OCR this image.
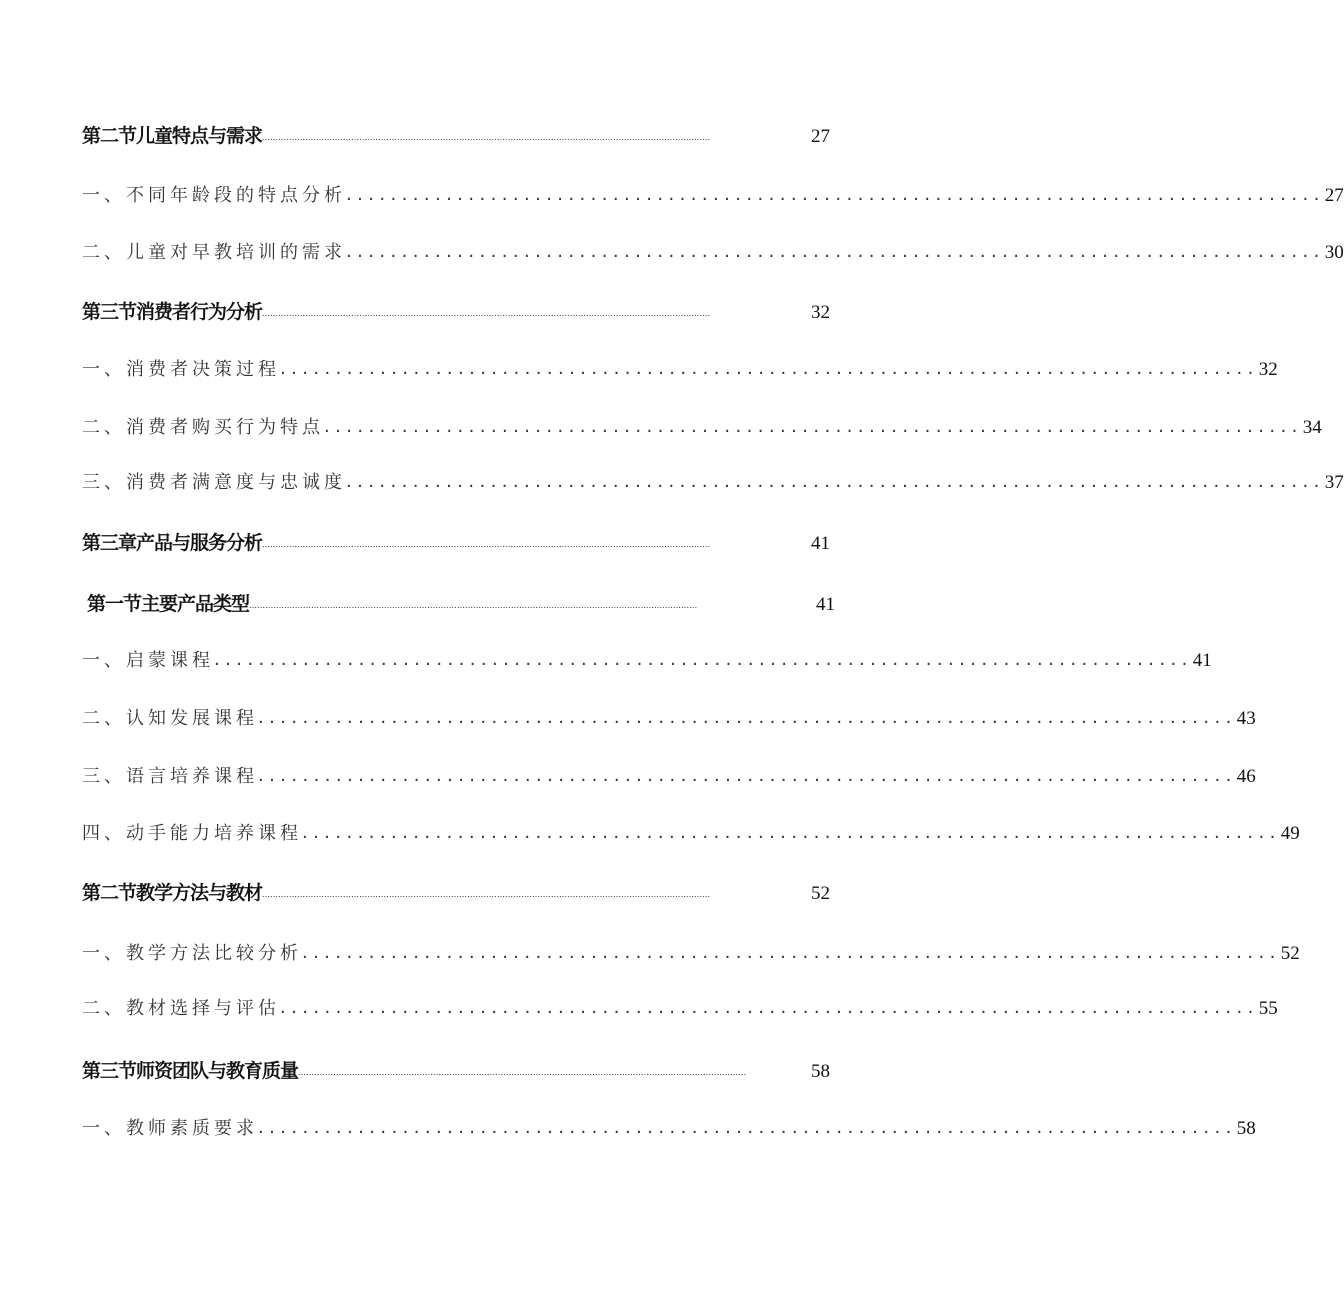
第二节儿童特点与需求 ......................................................................................................................................................................	27
一、不同年龄段的特点分析 ........................................................................................ 27
二、儿童对早教培训的需求 ........................................................................................ 30
第三节消费者行为分析 ......................................................................................................................................................................	32
一、消费者决策过程 ........................................................................................ 32
二、消费者购买行为特点 ........................................................................................ 34
三、消费者满意度与忠诚度 ........................................................................................ 37
第三章产品与服务分析 ......................................................................................................................................................................	41
第一节主要产品类型 ......................................................................................................................................................................	41
一、启蒙课程 ........................................................................................ 41
二、认知发展课程 ........................................................................................ 43
三、语言培养课程 ........................................................................................ 46
四、动手能力培养课程 ........................................................................................ 49
第二节教学方法与教材 ......................................................................................................................................................................	52
一、教学方法比较分析 ........................................................................................ 52
二、教材选择与评估 ........................................................................................ 55
第三节师资团队与教育质量 ......................................................................................................................................................................	58
一、教师素质要求 ........................................................................................ 58
